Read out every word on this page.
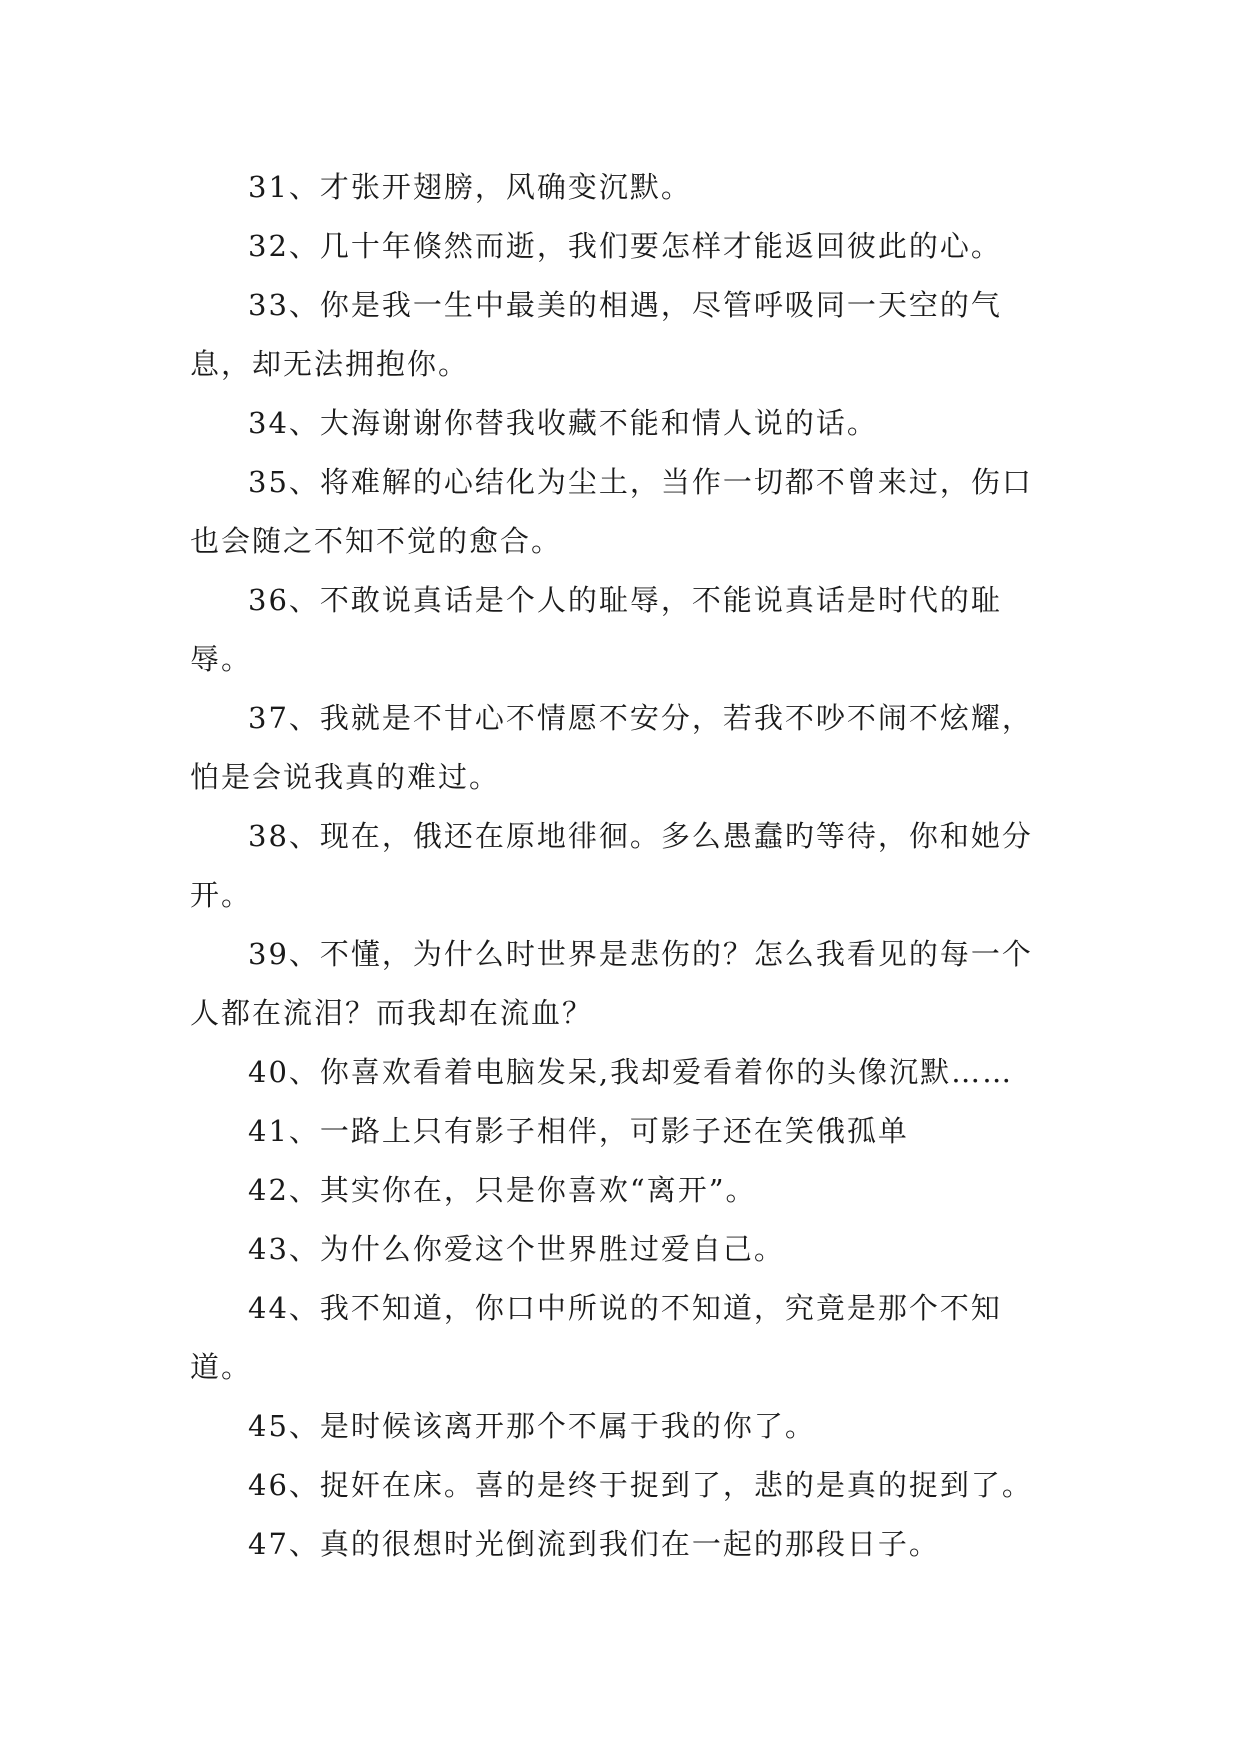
31、才张开翅膀，风确变沉默。

32、几十年倏然而逝，我们要怎样才能返回彼此的心。

33、你是我一生中最美的相遇，尽管呼吸同一天空的气息，却无法拥抱你。

34、大海谢谢你替我收藏不能和情人说的话。

35、将难解的心结化为尘土，当作一切都不曾来过，伤口也会随之不知不觉的愈合。

36、不敢说真话是个人的耻辱，不能说真话是时代的耻辱。

37、我就是不甘心不情愿不安分，若我不吵不闹不炫耀，怕是会说我真的难过。

38、现在，俄还在原地徘徊。多么愚蠢旳等待，你和她分开。

39、不懂，为什么时世界是悲伤的？怎么我看见的每一个人都在流泪？而我却在流血？

40、你喜欢看着电脑发呆,我却爱看着你的头像沉默……

41、一路上只有影子相伴，可影子还在笑俄孤单

42、其实你在，只是你喜欢“离开”。

43、为什么你爱这个世界胜过爱自己。

44、我不知道，你口中所说的不知道，究竟是那个不知道。

45、是时候该离开那个不属于我的你了。

46、捉奸在床。喜的是终于捉到了，悲的是真的捉到了。

47、真的很想时光倒流到我们在一起的那段日子。
